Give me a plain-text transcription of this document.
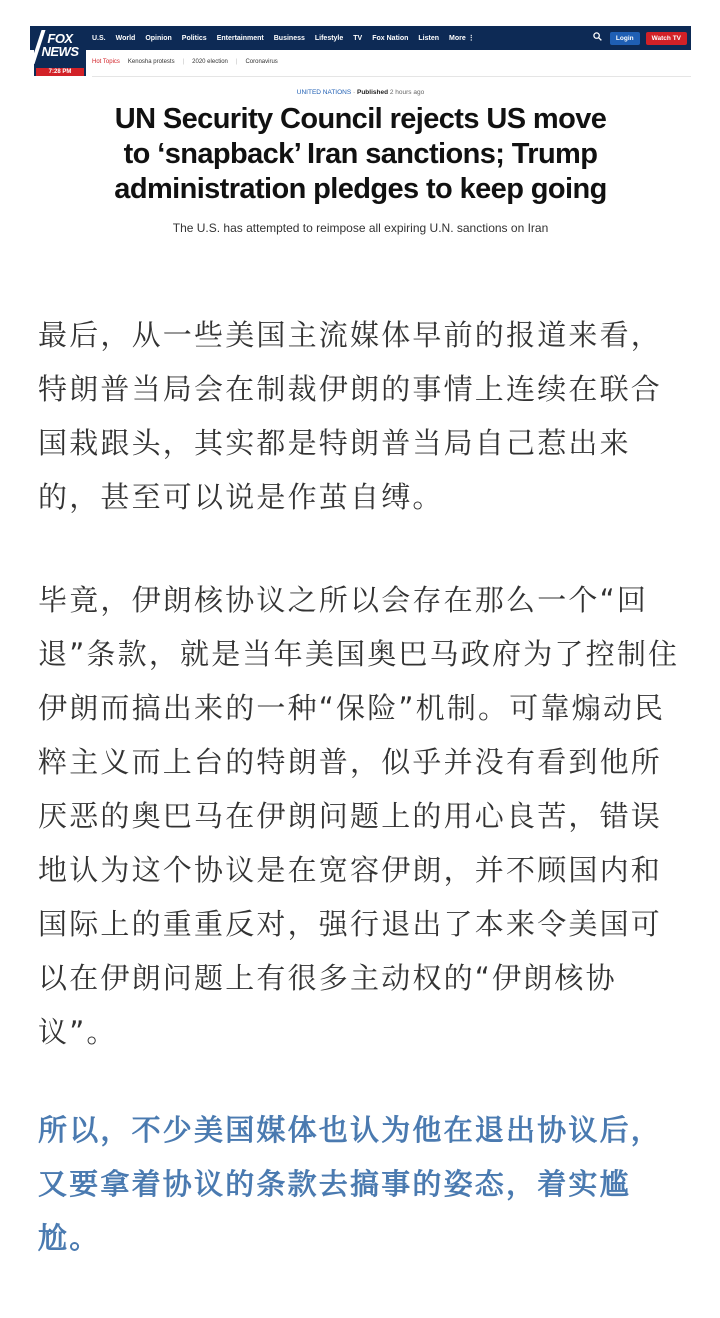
U.S. World Opinion Politics Entertainment Business Lifestyle TV Fox Nation Listen More ⋮	Login	Watch TV
FOX
NEWS
7:28 PM
Hot Topics Kenosha protests | 2020 election | Coronavirus
UNITED NATIONS · Published 2 hours ago
UN Security Council rejects US move
to ‘snapback’ Iran sanctions; Trump
administration pledges to keep going
The U.S. has attempted to reimpose all expiring U.N. sanctions on Iran

最后，从一些美国主流媒体早前的报道来看，特朗普当局会在制裁伊朗的事情上连续在联合国栽跟头，其实都是特朗普当局自己惹出来的，甚至可以说是作茧自缚。

毕竟，伊朗核协议之所以会存在那么一个“回退”条款，就是当年美国奥巴马政府为了控制住伊朗而搞出来的一种“保险”机制。可靠煽动民粹主义而上台的特朗普，似乎并没有看到他所厌恶的奥巴马在伊朗问题上的用心良苦，错误地认为这个协议是在宽容伊朗，并不顾国内和国际上的重重反对，强行退出了本来令美国可以在伊朗问题上有很多主动权的“伊朗核协议”。

所以，不少美国媒体也认为他在退出协议后，又要拿着协议的条款去搞事的姿态，着实尴尬。
